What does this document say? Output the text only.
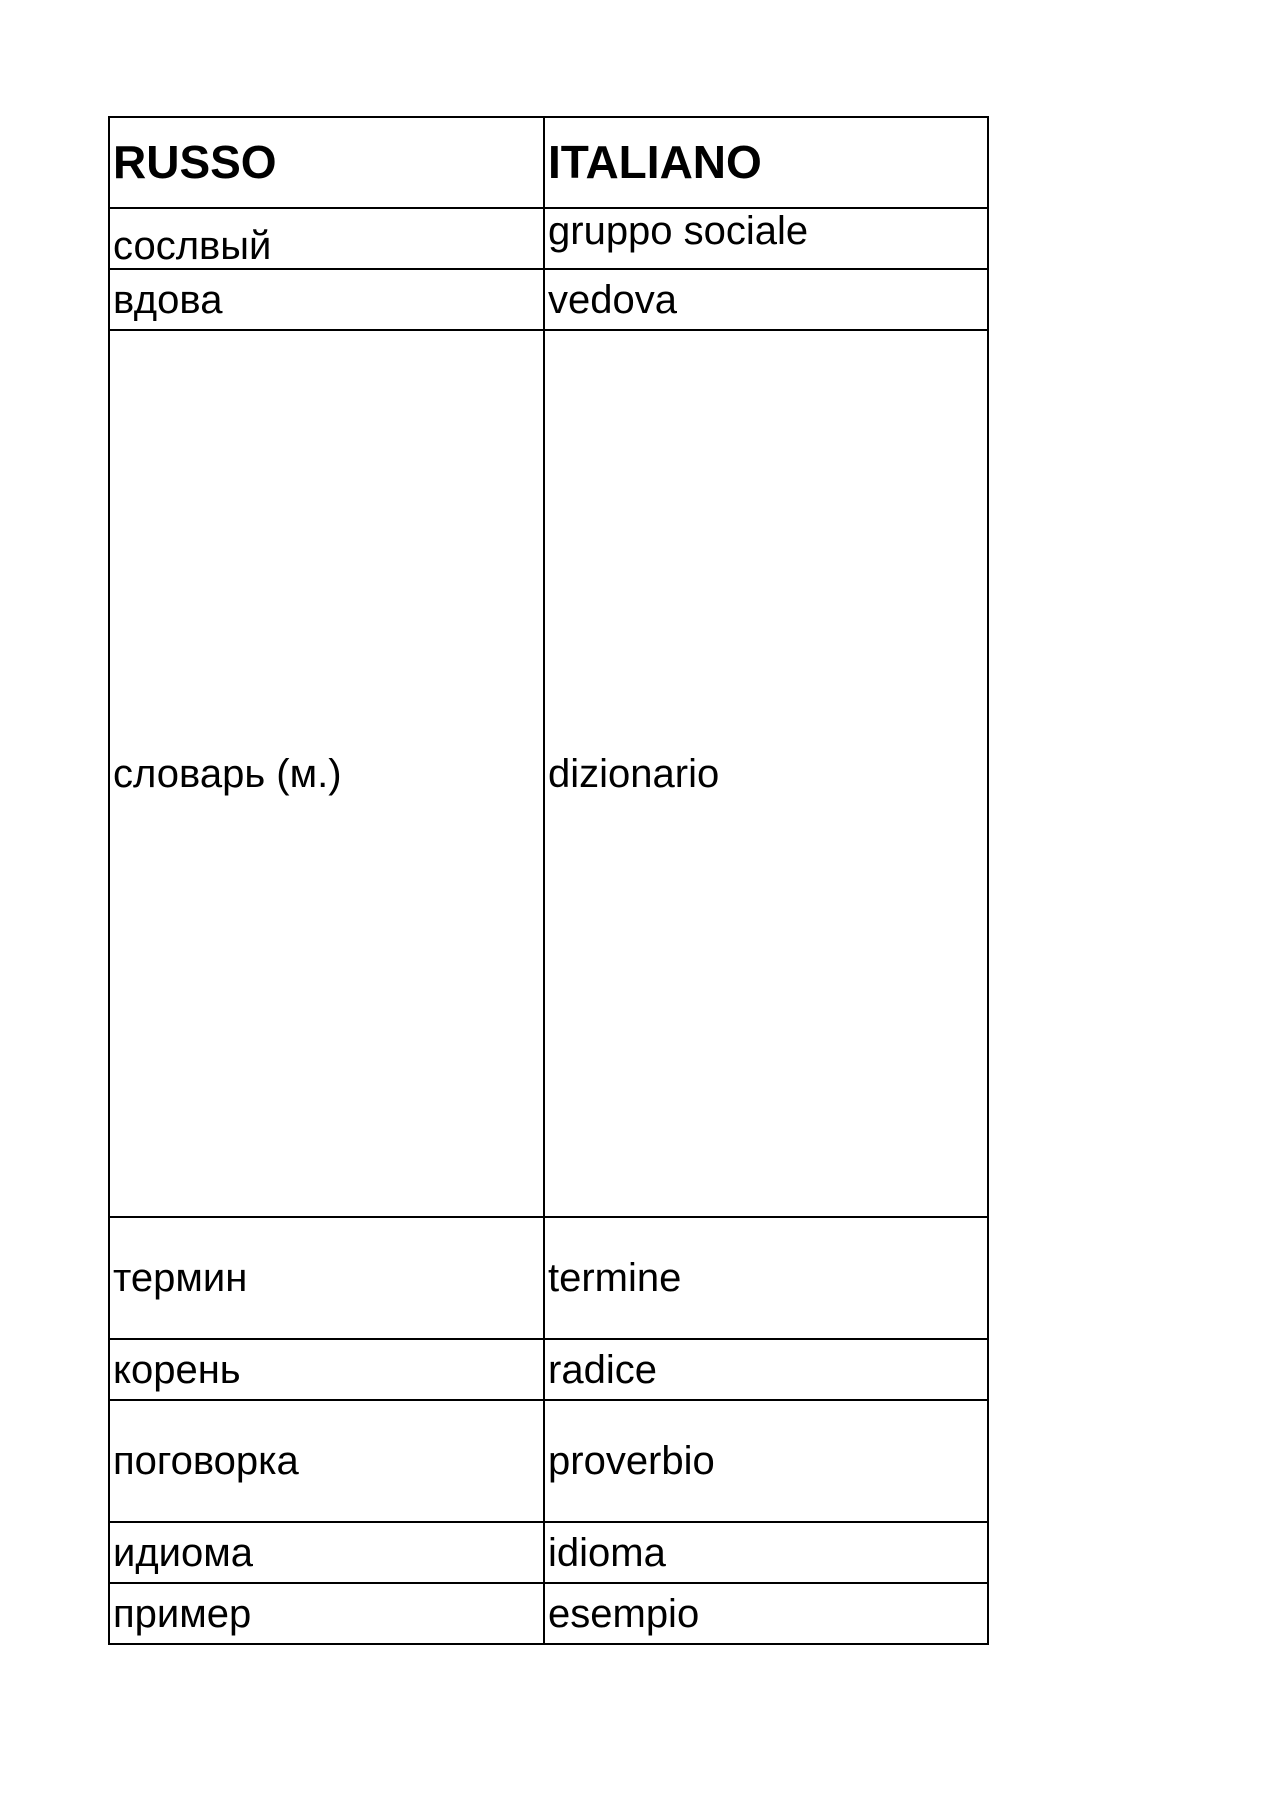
RUSSO	ITALIANO
сослвый	gruppo sociale
вдова	vedova
словарь (м.)	dizionario
термин	termine
корень	radice
поговорка	proverbio
идиома	idioma
пример	esempio
